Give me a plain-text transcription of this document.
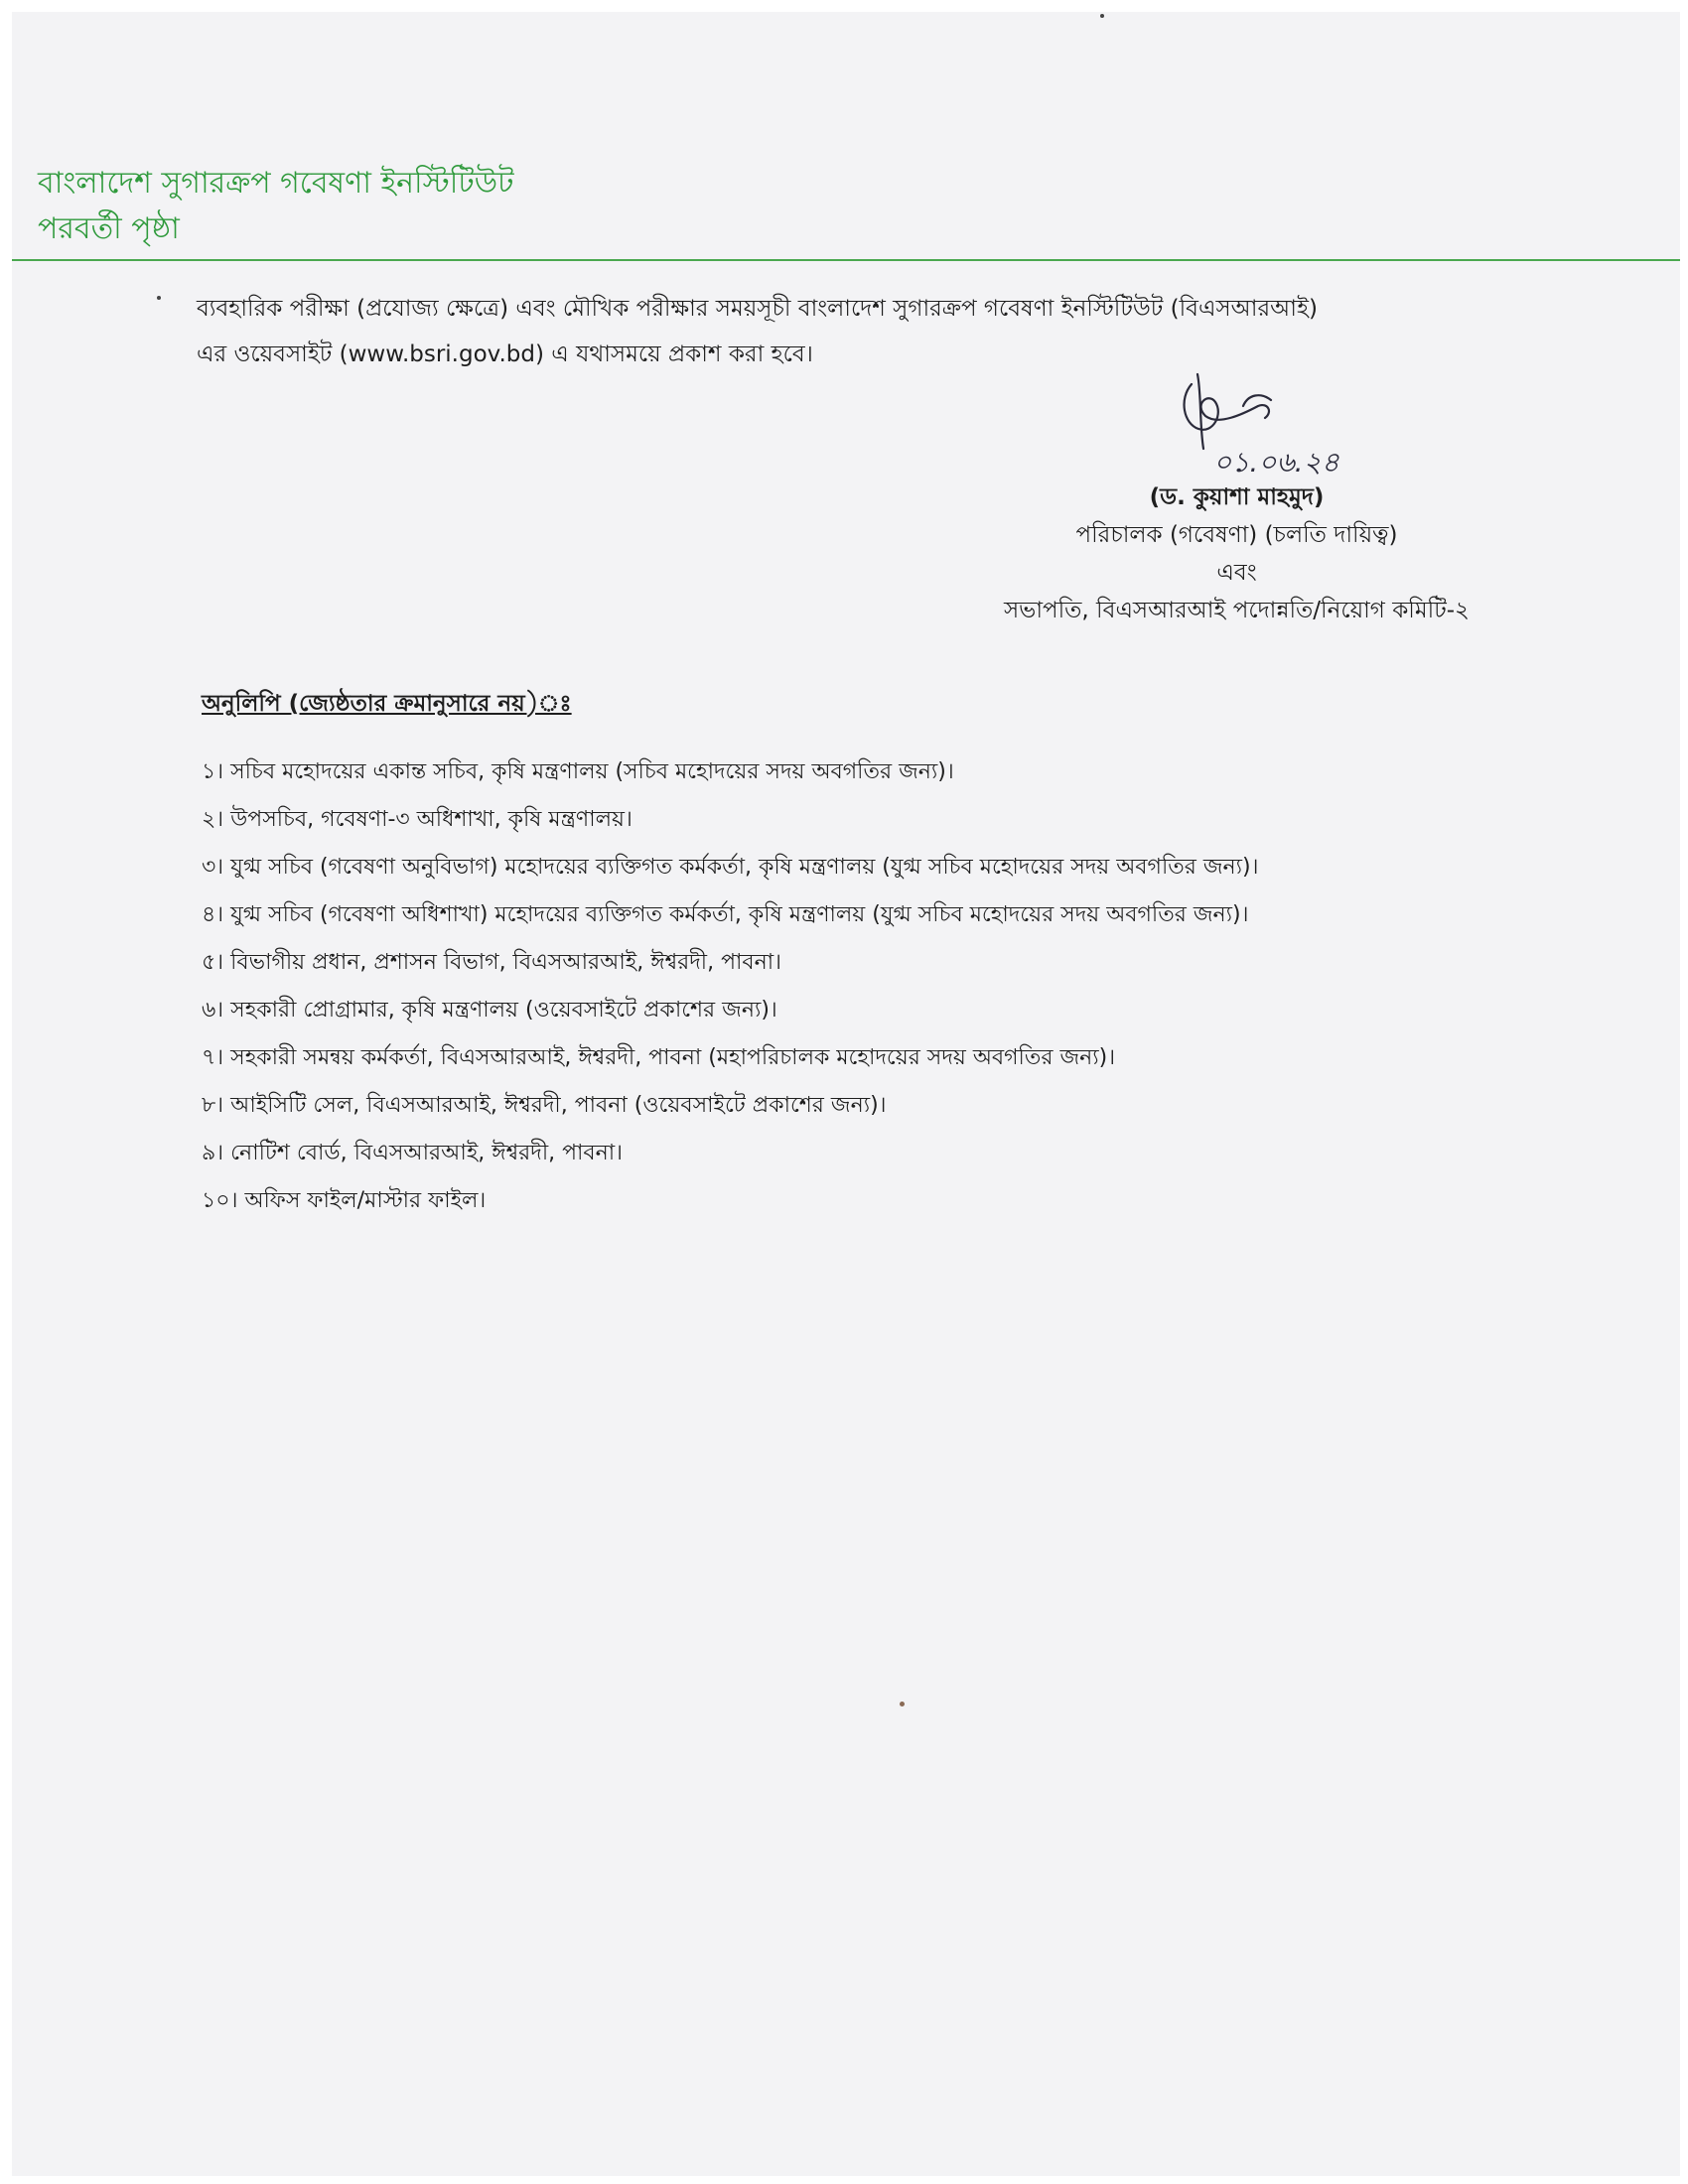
বাংলাদেশ সুগারক্রপ গবেষণা ইনস্টিটিউট
পরবর্তী পৃষ্ঠা
ব্যবহারিক পরীক্ষা (প্রযোজ্য ক্ষেত্রে) এবং মৌখিক পরীক্ষার সময়সূচী বাংলাদেশ সুগারক্রপ গবেষণা ইনস্টিটিউট (বিএসআরআই)
এর ওয়েবসাইট (www.bsri.gov.bd) এ যথাসময়ে প্রকাশ করা হবে।
০১.০৬.২৪
(ড. কুয়াশা মাহমুদ)
পরিচালক (গবেষণা) (চলতি দায়িত্ব)
এবং
সভাপতি, বিএসআরআই পদোন্নতি/নিয়োগ কমিটি-২
অনুলিপি (জ্যেষ্ঠতার ক্রমানুসারে নয়)ঃ
১। সচিব মহোদয়ের একান্ত সচিব, কৃষি মন্ত্রণালয় (সচিব মহোদয়ের সদয় অবগতির জন্য)।
২। উপসচিব, গবেষণা-৩ অধিশাখা, কৃষি মন্ত্রণালয়।
৩। যুগ্ম সচিব (গবেষণা অনুবিভাগ) মহোদয়ের ব্যক্তিগত কর্মকর্তা, কৃষি মন্ত্রণালয় (যুগ্ম সচিব মহোদয়ের সদয় অবগতির জন্য)।
৪। যুগ্ম সচিব (গবেষণা অধিশাখা) মহোদয়ের ব্যক্তিগত কর্মকর্তা, কৃষি মন্ত্রণালয় (যুগ্ম সচিব মহোদয়ের সদয় অবগতির জন্য)।
৫। বিভাগীয় প্রধান, প্রশাসন বিভাগ, বিএসআরআই, ঈশ্বরদী, পাবনা।
৬। সহকারী প্রোগ্রামার, কৃষি মন্ত্রণালয় (ওয়েবসাইটে প্রকাশের জন্য)।
৭। সহকারী সমন্বয় কর্মকর্তা, বিএসআরআই, ঈশ্বরদী, পাবনা (মহাপরিচালক মহোদয়ের সদয় অবগতির জন্য)।
৮। আইসিটি সেল, বিএসআরআই, ঈশ্বরদী, পাবনা (ওয়েবসাইটে প্রকাশের জন্য)।
৯। নোটিশ বোর্ড, বিএসআরআই, ঈশ্বরদী, পাবনা।
১০। অফিস ফাইল/মাস্টার ফাইল।
